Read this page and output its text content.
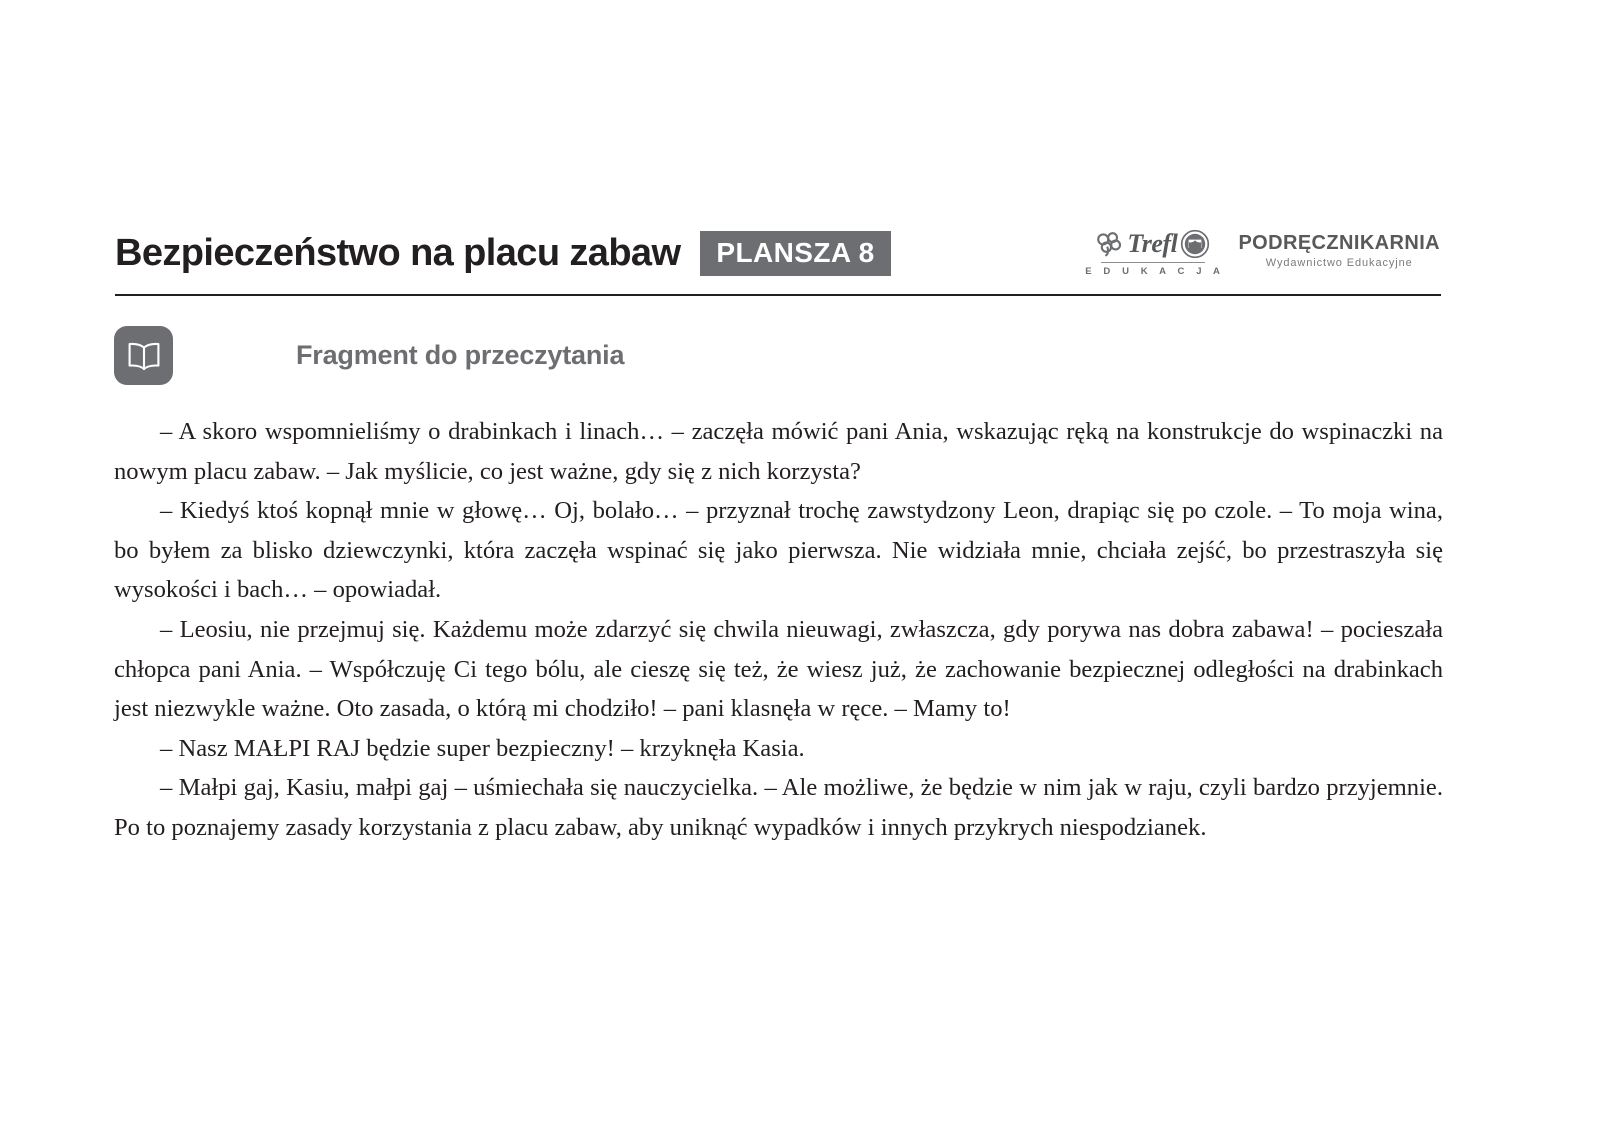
Bezpieczeństwo na placu zabaw	PLANSZA 8	Trefl
E D U K A C J A
PODRĘCZNIKARNIA
Wydawnictwo Edukacyjne
Fragment do przeczytania

– A skoro wspomnieliśmy o drabinkach i linach… – zaczęła mówić pani Ania, wskazując ręką na konstrukcje do wspinaczki na nowym placu zabaw. – Jak myślicie, co jest ważne, gdy się z nich korzysta?

– Kiedyś ktoś kopnął mnie w głowę… Oj, bolało… – przyznał trochę zawstydzony Leon, drapiąc się po czole. – To moja wina, bo byłem za blisko dziewczynki, która zaczęła wspinać się jako pierwsza. Nie widziała mnie, chciała zejść, bo przestraszyła się wysokości i bach… – opowiadał.

– Leosiu, nie przejmuj się. Każdemu może zdarzyć się chwila nieuwagi, zwłaszcza, gdy porywa nas dobra zabawa! – pocieszała chłopca pani Ania. – Współczuję Ci tego bólu, ale cieszę się też, że wiesz już, że zachowanie bezpiecznej odległości na drabinkach jest niezwykle ważne. Oto zasada, o którą mi chodziło! – pani klasnęła w ręce. – Mamy to!

– Nasz MAŁPI RAJ będzie super bezpieczny! – krzyknęła Kasia.

– Małpi gaj, Kasiu, małpi gaj – uśmiechała się nauczycielka. – Ale możliwe, że będzie w nim jak w raju, czyli bardzo przyjemnie. Po to poznajemy zasady korzystania z placu zabaw, aby uniknąć wypadków i innych przykrych niespodzianek.
